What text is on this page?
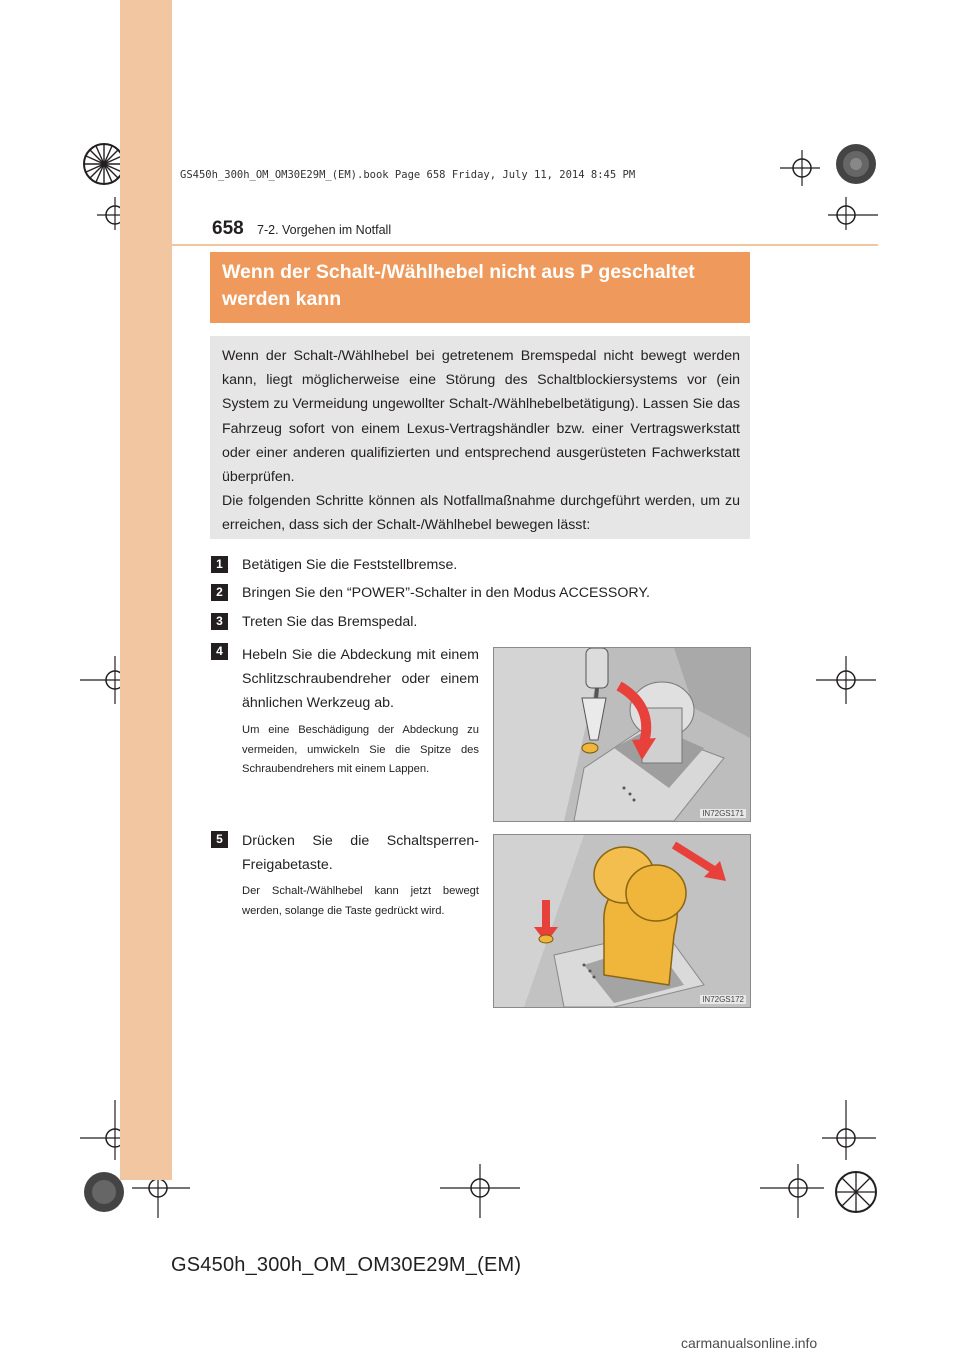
GS450h_300h_OM_OM30E29M_(EM).book Page 658 Friday, July 11, 2014 8:45 PM
658 7-2. Vorgehen im Notfall
Wenn der Schalt-/Wählhebel nicht aus P geschaltet
werden kann

Wenn der Schalt-/Wählhebel bei getretenem Bremspedal nicht bewegt werden kann, liegt möglicherweise eine Störung des Schaltblockiersystems vor (ein System zu Vermeidung ungewollter Schalt-/Wählhebelbetätigung). Lassen Sie das Fahrzeug sofort von einem Lexus-Vertragshändler bzw. einer Vertragswerkstatt oder einer anderen qualifizierten und entsprechend ausgerüsteten Fachwerkstatt überprüfen.

Die folgenden Schritte können als Notfallmaßnahme durchgeführt werden, um zu erreichen, dass sich der Schalt-/Wählhebel bewegen lässt:

1	Betätigen Sie die Feststellbremse.
2	Bringen Sie den “POWER”-Schalter in den Modus ACCESSORY.
3	Treten Sie das Bremspedal.
4	Hebeln Sie die Abdeckung mit einem Schlitzschraubendreher oder einem ähnlichen Werkzeug ab.
Um eine Beschädigung der Abdeckung zu vermeiden, umwickeln Sie die Spitze des Schraubendrehers mit einem Lappen.
IN72GS171
5	Drücken Sie die Schaltsperren-Freigabetaste.
Der Schalt-/Wählhebel kann jetzt bewegt werden, solange die Taste gedrückt wird.
IN72GS172
GS450h_300h_OM_OM30E29M_(EM)
carmanualsonline.info
